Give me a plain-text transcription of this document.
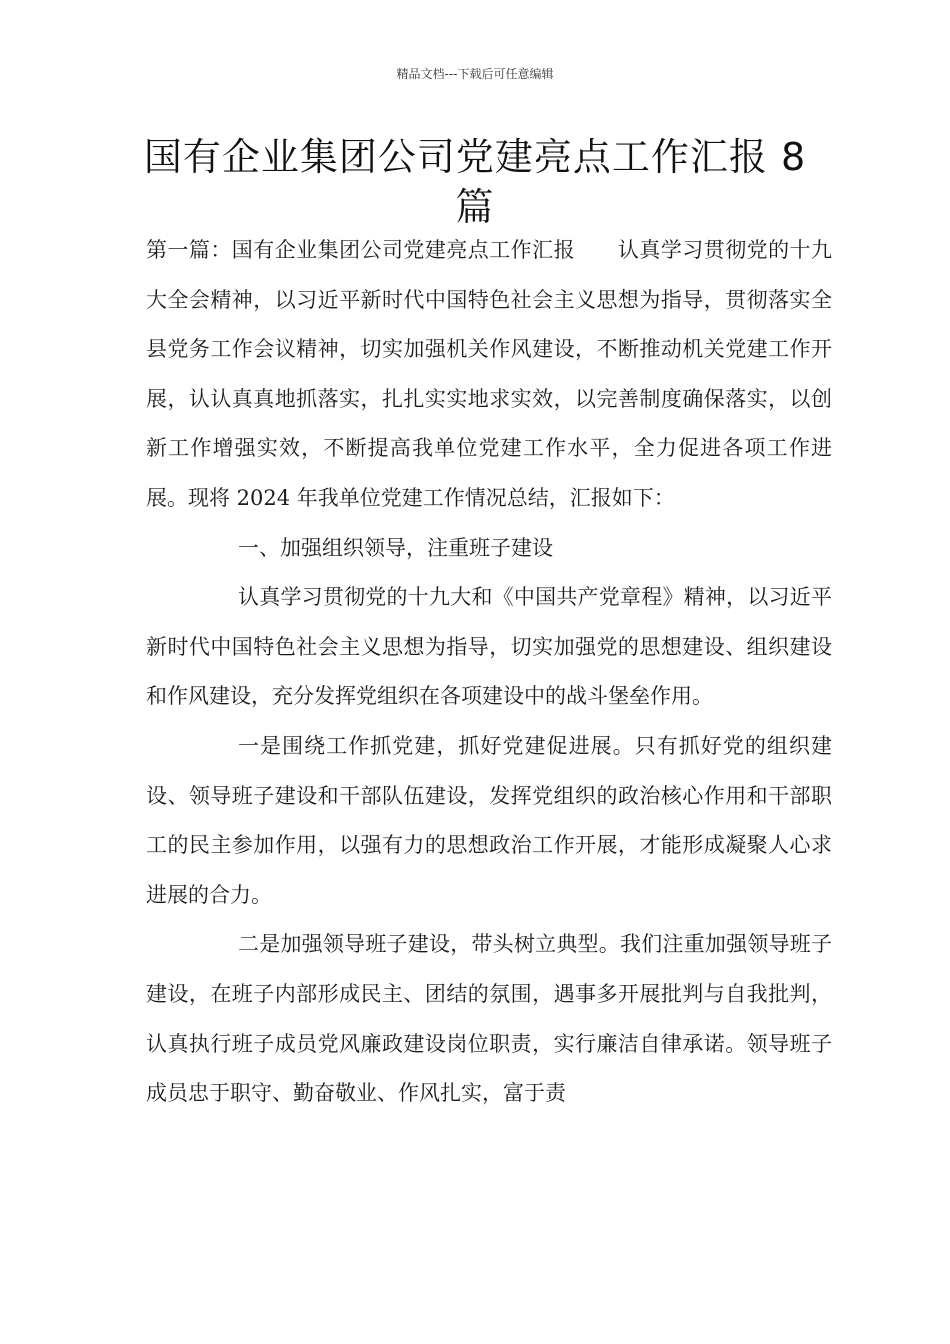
精品文档---下载后可任意编辑
国有企业集团公司党建亮点工作汇报 8 篇

第一篇：国有企业集团公司党建亮点工作汇报　　认真学习贯彻党的十九大全会精神，以习近平新时代中国特色社会主义思想为指导，贯彻落实全县党务工作会议精神，切实加强机关作风建设，不断推动机关党建工作开展，认认真真地抓落实，扎扎实实地求实效，以完善制度确保落实，以创新工作增强实效，不断提高我单位党建工作水平，全力促进各项工作进展。现将 2024 年我单位党建工作情况总结，汇报如下：

一、加强组织领导，注重班子建设

认真学习贯彻党的十九大和《中国共产党章程》精神，以习近平新时代中国特色社会主义思想为指导，切实加强党的思想建设、组织建设和作风建设，充分发挥党组织在各项建设中的战斗堡垒作用。

一是围绕工作抓党建，抓好党建促进展。只有抓好党的组织建设、领导班子建设和干部队伍建设，发挥党组织的政治核心作用和干部职工的民主参加作用，以强有力的思想政治工作开展，才能形成凝聚人心求进展的合力。

二是加强领导班子建设，带头树立典型。我们注重加强领导班子建设，在班子内部形成民主、团结的氛围，遇事多开展批判与自我批判，认真执行班子成员党风廉政建设岗位职责，实行廉洁自律承诺。领导班子成员忠于职守、勤奋敬业、作风扎实，富于责
